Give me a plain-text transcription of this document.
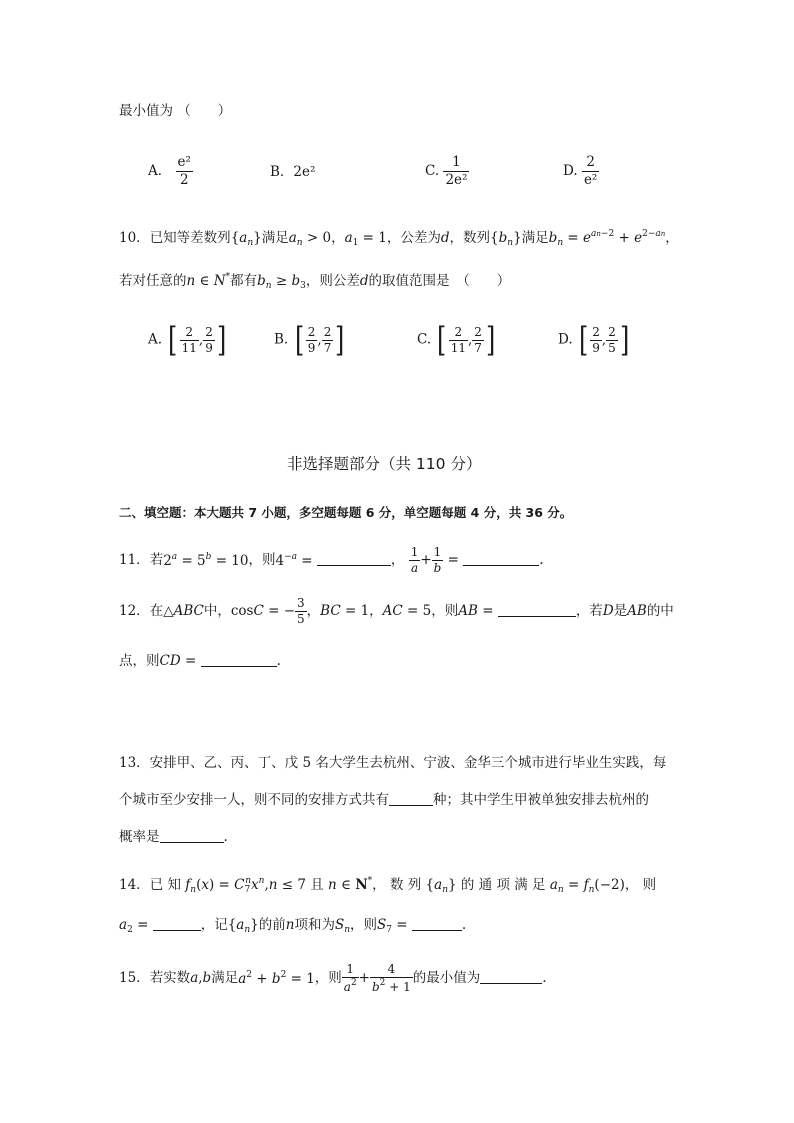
最小值为 （　　）
A． $\frac{\text{e²}}{2}$	B．2e²	C. $\frac{1}{\text{2e²}}$	D. $\frac{2}{\text{e²}}$
10．已知等差数列$\{a_n\}$满足$a_n > 0$，$a_1 = 1$，公差为d，数列$\{b_n\}$满足$b_n = e^{an-2} + e^{2-an}$，
若对任意的n ∈ N*都有$b_n \ge b_3$，则公差d的取值范围是　（　　）
A. [ $\frac{2}{11}$ , $\frac{2}{9}$ ]	B. [ $\frac{2}{9}$ , $\frac{2}{7}$ ]	C. [ $\frac{2}{11}$ , $\frac{2}{7}$ ]	D. [ $\frac{2}{9}$ , $\frac{2}{5}$ ]
非选择题部分（共 110 分）
二、填空题：本大题共 7 小题，多空题每题 6 分，单空题每题 4 分，共 36 分。
11．若$2^a = 5^b = 10$，则$4^{-a}$ =	， $\frac{1}{a} + \frac{1}{b}$ =	.
12．在△ABC中，cosC = − $\frac{3}{5}$ ，BC = 1，AC = 5，则AB =	，若D是AB的中
点，则CD =	.
13．安排甲、乙、丙、丁、戊 5 名大学生去杭州、宁波、金华三个城市进行毕业生实践，每
个城市至少安排一人，则不同的安排方式共有	种；其中学生甲被单独安排去杭州的
概率是	.
14．已 知 $f_n(x) = C_7^nx^n,n \le 7$ 且 n ∈ N*， 数 列 $\{a_n\}$ 的 通 项 满 足 $a_n = f_n(-2)$， 则
$a_2$ =	，记$\{a_n\}$的前n项和为$S_n$，则$S_7$ =	.
15．若实数a,b满足$a^2 + b^2 = 1$，则 $\frac{1}{a^2} + \frac{4}{b^2 + 1}$ 的最小值为	.
